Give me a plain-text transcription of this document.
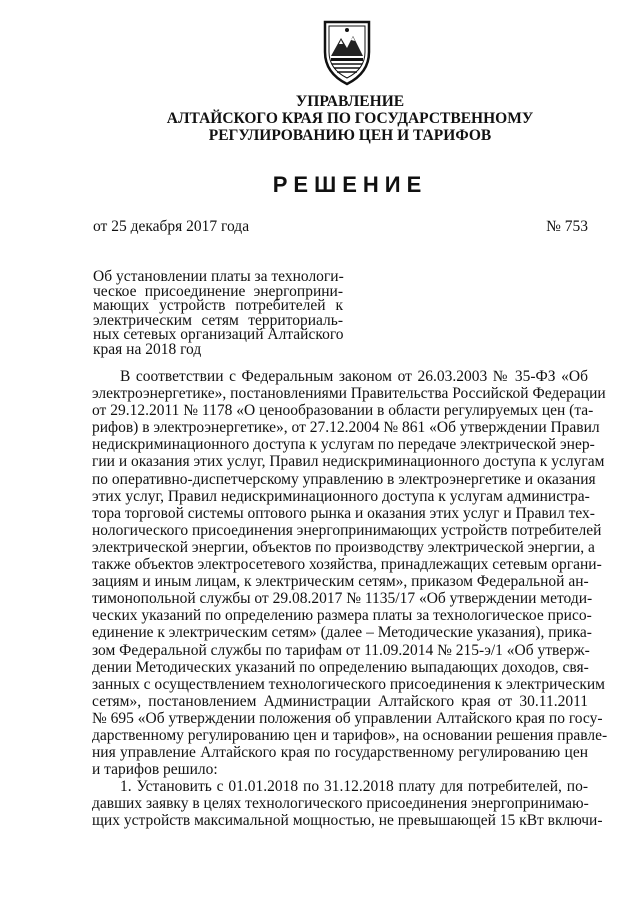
УПРАВЛЕНИЕ
АЛТАЙСКОГО КРАЯ ПО ГОСУДАРСТВЕННОМУ
РЕГУЛИРОВАНИЮ ЦЕН И ТАРИФОВ
РЕШЕНИЕ
от 25 декабря 2017 года	№ 753
Об установлении платы за технологи-
ческое присоединение энергоприни-
мающих устройств потребителей к
электрическим сетям территориаль-
ных сетевых организаций Алтайского
края на 2018 год
В соответствии с Федеральным законом от 26.03.2003 № 35-ФЗ «Об
электроэнергетике», постановлениями Правительства Российской Федерации
от 29.12.2011 № 1178 «О ценообразовании в области регулируемых цен (та-
рифов) в электроэнергетике», от 27.12.2004 № 861 «Об утверждении Правил
недискриминационного доступа к услугам по передаче электрической энер-
гии и оказания этих услуг, Правил недискриминационного доступа к услугам
по оперативно-диспетчерскому управлению в электроэнергетике и оказания
этих услуг, Правил недискриминационного доступа к услугам администра-
тора торговой системы оптового рынка и оказания этих услуг и Правил тех-
нологического присоединения энергопринимающих устройств потребителей
электрической энергии, объектов по производству электрической энергии, а
также объектов электросетевого хозяйства, принадлежащих сетевым органи-
зациям и иным лицам, к электрическим сетям», приказом Федеральной ан-
тимонопольной службы от 29.08.2017 № 1135/17 «Об утверждении методи-
ческих указаний по определению размера платы за технологическое присо-
единение к электрическим сетям» (далее – Методические указания), прика-
зом Федеральной службы по тарифам от 11.09.2014 № 215-э/1 «Об утверж-
дении Методических указаний по определению выпадающих доходов, свя-
занных с осуществлением технологического присоединения к электрическим
сетям», постановлением Администрации Алтайского края от 30.11.2011
№ 695 «Об утверждении положения об управлении Алтайского края по госу-
дарственному регулированию цен и тарифов», на основании решения правле-
ния управление Алтайского края по государственному регулированию цен
и тарифов решило:
1. Установить с 01.01.2018 по 31.12.2018 плату для потребителей, по-
давших заявку в целях технологического присоединения энергопринимаю-
щих устройств максимальной мощностью, не превышающей 15 кВт включи-
